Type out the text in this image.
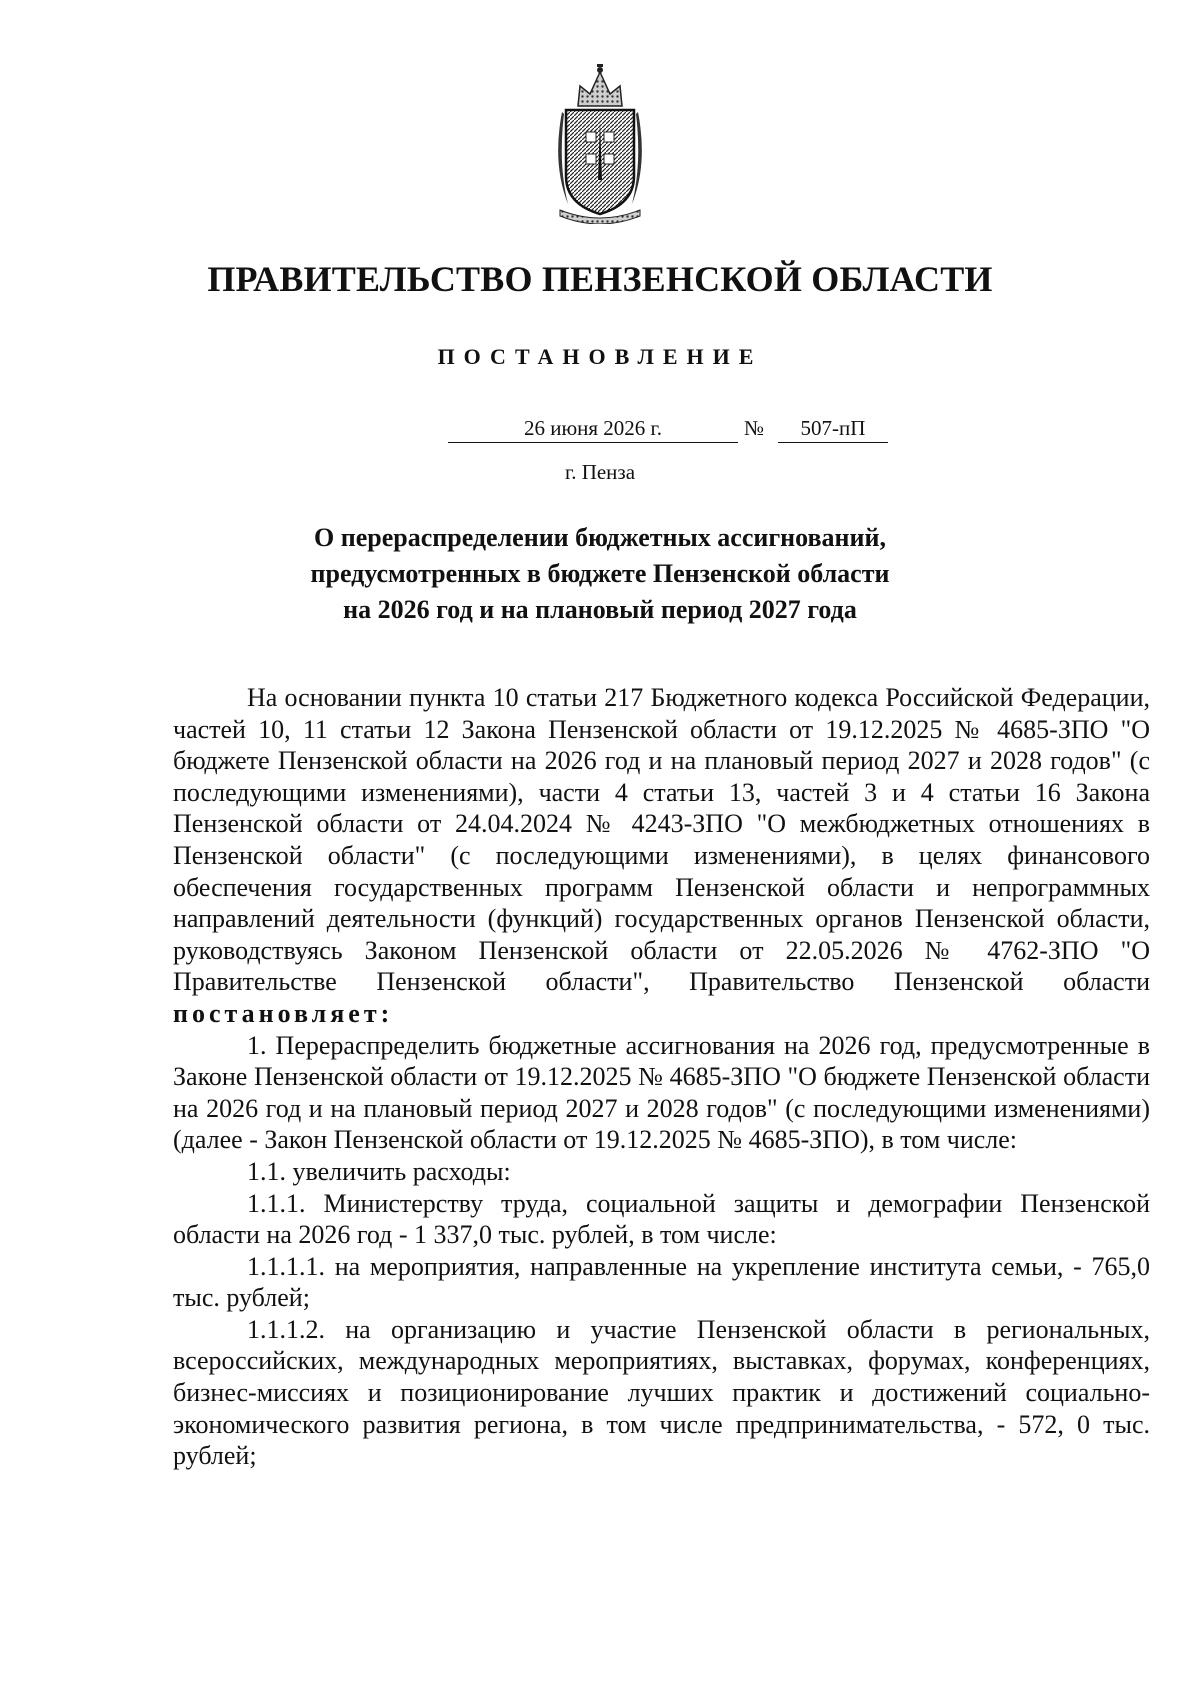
ПРАВИТЕЛЬСТВО ПЕНЗЕНСКОЙ ОБЛАСТИ
ПОСТАНОВЛЕНИЕ
26 июня 2026 г.	№	507-пП
г. Пенза
О перераспределении бюджетных ассигнований,
предусмотренных в бюджете Пензенской области
на 2026 год и на плановый период 2027 года

На основании пункта 10 статьи 217 Бюджетного кодекса Российской Федерации, частей 10, 11 статьи 12 Закона Пензенской области от 19.12.2025 № 4685-ЗПО "О бюджете Пензенской области на 2026 год и на плановый период 2027 и 2028 годов" (с последующими изменениями), части 4 статьи 13, частей 3 и 4 статьи 16 Закона Пензенской области от 24.04.2024 № 4243-ЗПО "О межбюджетных отношениях в Пензенской области" (с последующими изменениями), в целях финансового обеспечения государственных программ Пензенской области и непрограммных направлений деятельности (функций) государственных органов Пензенской области, руководствуясь Законом Пензенской области от 22.05.2026 № 4762-ЗПО "О Правительстве Пензенской области", Правительство Пензенской области постановляет:

1. Перераспределить бюджетные ассигнования на 2026 год, предусмотренные в Законе Пензенской области от 19.12.2025 № 4685-ЗПО "О бюджете Пензенской области на 2026 год и на плановый период 2027 и 2028 годов" (с последующими изменениями) (далее - Закон Пензенской области от 19.12.2025 № 4685-ЗПО), в том числе:

1.1. увеличить расходы:

1.1.1. Министерству труда, социальной защиты и демографии Пензенской области на 2026 год - 1 337,0 тыс. рублей, в том числе:

1.1.1.1. на мероприятия, направленные на укрепление института семьи, - 765,0 тыс. рублей;

1.1.1.2. на организацию и участие Пензенской области в региональных, всероссийских, международных мероприятиях, выставках, форумах, конференциях, бизнес-миссиях и позиционирование лучших практик и достижений социально-экономического развития региона, в том числе предпринимательства, - 572, 0 тыс. рублей;
